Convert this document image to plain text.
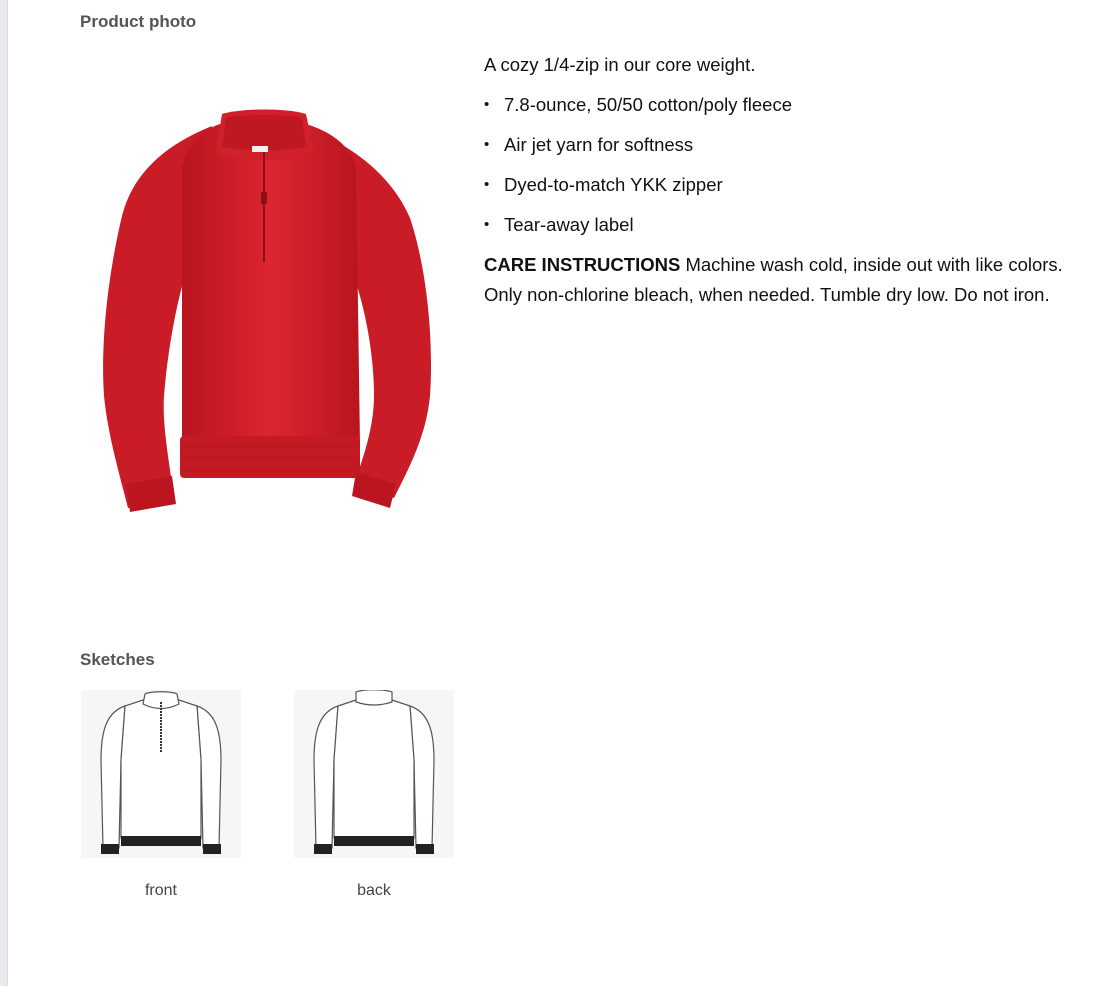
Product photo

A cozy 1/4-zip in our core weight.

• 7.8-ounce, 50/50 cotton/poly fleece
• Air jet yarn for softness
• Dyed-to-match YKK zipper
• Tear-away label

CARE INSTRUCTIONS Machine wash cold, inside out with like colors. Only non-chlorine bleach, when needed. Tumble dry low. Do not iron.

Sketches
front	back
